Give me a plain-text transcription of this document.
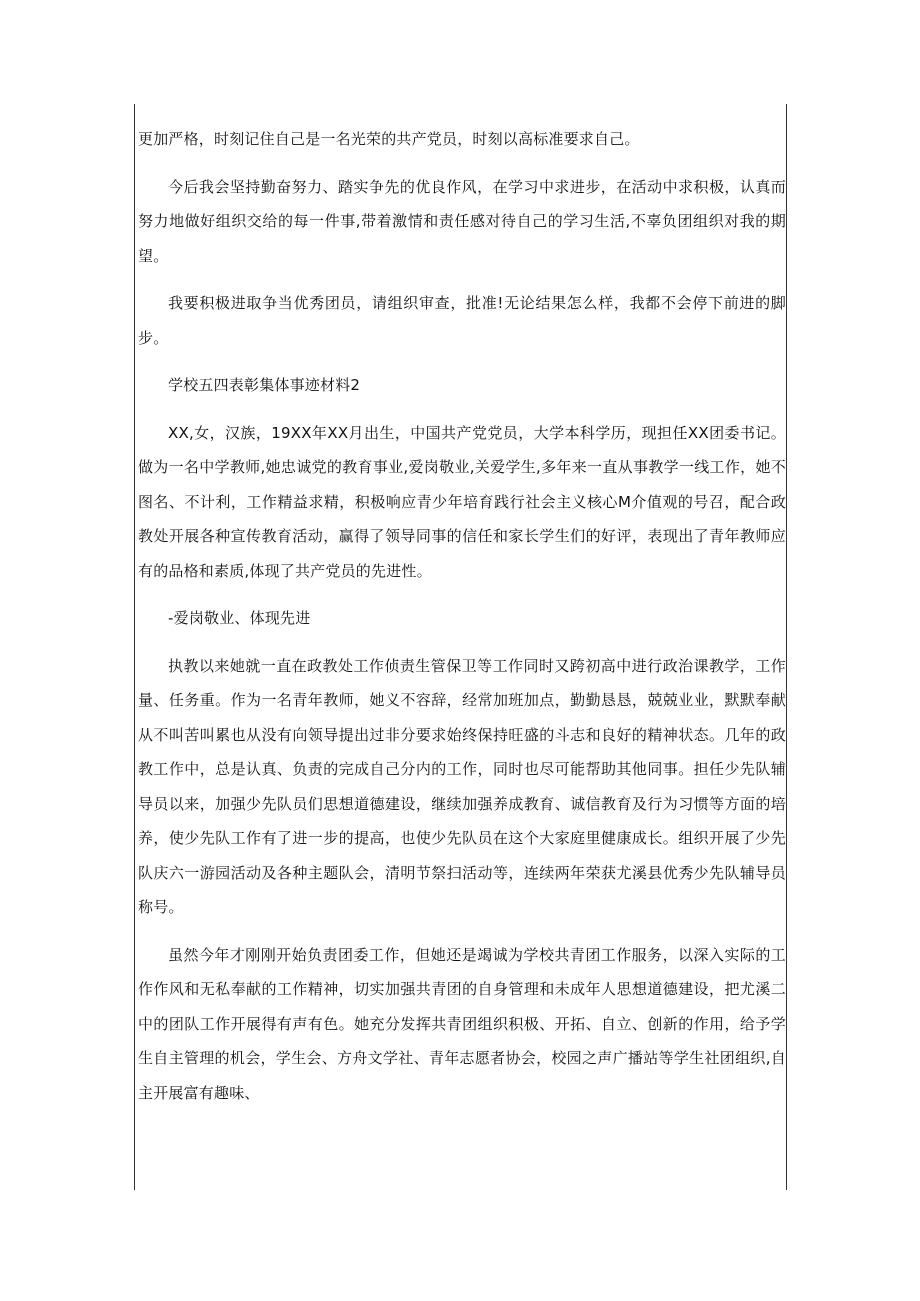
更加严格，时刻记住自己是一名光荣的共产党员，时刻以高标准要求自己。

今后我会坚持勤奋努力、踏实争先的优良作风，在学习中求进步，在活动中求积极，认真而努力地做好组织交给的每一件事,带着激情和责任感对待自己的学习生活,不辜负团组织对我的期望。

我要积极进取争当优秀团员，请组织审查，批准!无论结果怎么样，我都不会停下前进的脚步。

学校五四表彰集体事迹材料2

XX,女，汉族，19XX年XX月出生，中国共产党党员，大学本科学历，现担任XX团委书记。做为一名中学教师,她忠诚党的教育事业,爱岗敬业,关爱学生,多年来一直从事教学一线工作，她不图名、不计利，工作精益求精，积极响应青少年培育践行社会主义核心M介值观的号召，配合政教处开展各种宣传教育活动，赢得了领导同事的信任和家长学生们的好评，表现出了青年教师应有的品格和素质,体现了共产党员的先进性。

-爱岗敬业、体现先进

执教以来她就一直在政教处工作侦责生管保卫等工作同时又跨初高中进行政治课教学，工作量、任务重。作为一名青年教师，她义不容辞，经常加班加点，勤勤恳恳，兢兢业业，默默奉献从不叫苦叫累也从没有向领导提出过非分要求始终保持旺盛的斗志和良好的精神状态。几年的政教工作中，总是认真、负责的完成自己分内的工作，同时也尽可能帮助其他同事。担任少先队辅导员以来，加强少先队员们思想道德建设，继续加强养成教育、诚信教育及行为习惯等方面的培养，使少先队工作有了进一步的提高，也使少先队员在这个大家庭里健康成长。组织开展了少先队庆六一游园活动及各种主题队会，清明节祭扫活动等，连续两年荣获尤溪县优秀少先队辅导员称号。

虽然今年才刚刚开始负责团委工作，但她还是竭诚为学校共青团工作服务，以深入实际的工作作风和无私奉献的工作精神，切实加强共青团的自身管理和未成年人思想道德建设，把尤溪二中的团队工作开展得有声有色。她充分发挥共青团组织积极、开拓、自立、创新的作用，给予学生自主管理的机会，学生会、方舟文学社、青年志愿者协会，校园之声广播站等学生社团组织,自主开展富有趣味、
